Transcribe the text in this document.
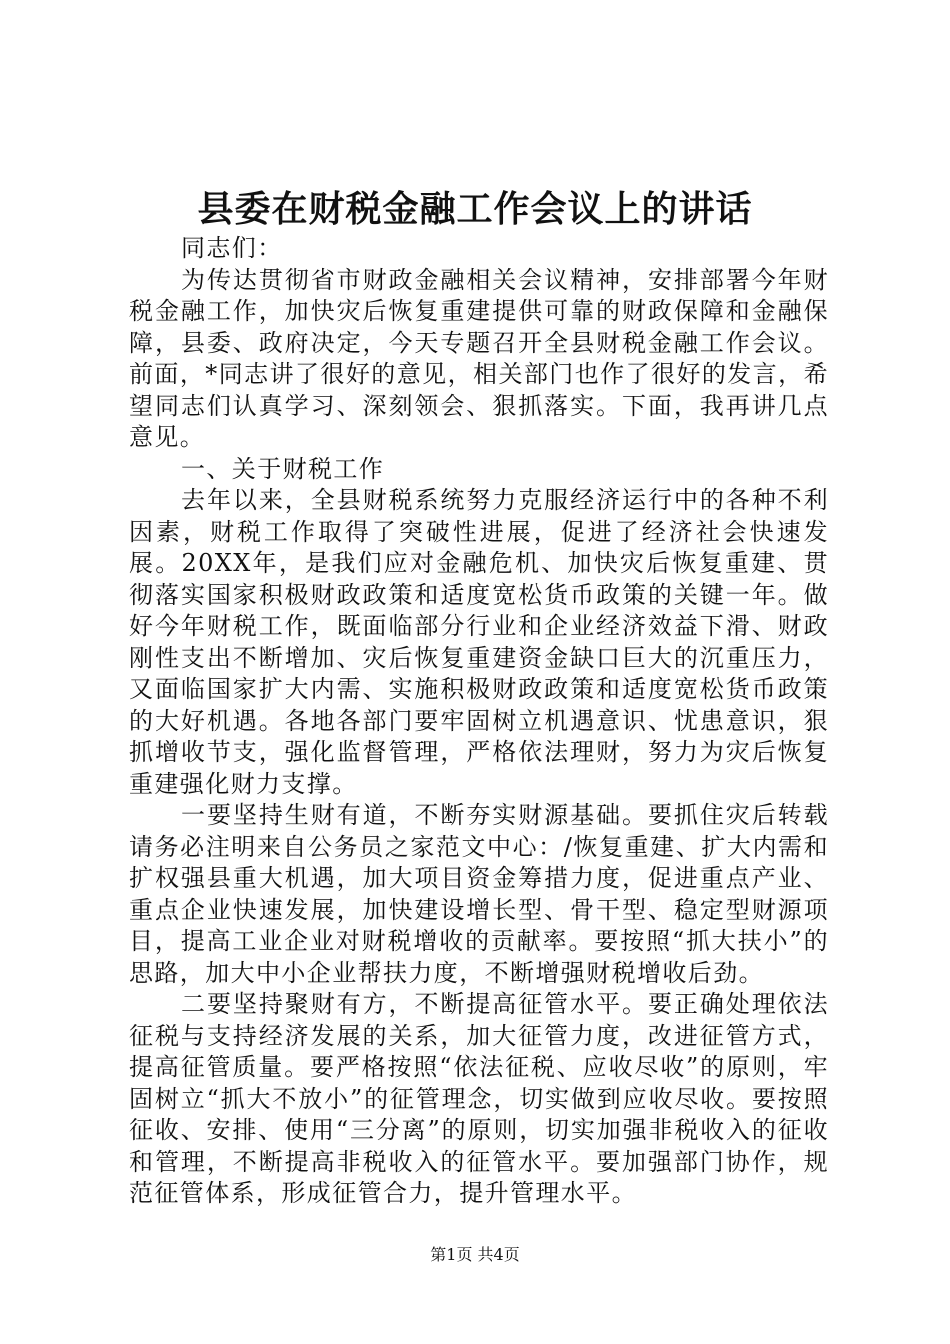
县委在财税金融工作会议上的讲话

同志们：

为传达贯彻省市财政金融相关会议精神，安排部署今年财税金融工作，加快灾后恢复重建提供可靠的财政保障和金融保障，县委、政府决定，今天专题召开全县财税金融工作会议。前面，*同志讲了很好的意见，相关部门也作了很好的发言，希望同志们认真学习、深刻领会、狠抓落实。下面，我再讲几点意见。

一、关于财税工作

去年以来，全县财税系统努力克服经济运行中的各种不利因素，财税工作取得了突破性进展，促进了经济社会快速发展。20XX年，是我们应对金融危机、加快灾后恢复重建、贯彻落实国家积极财政政策和适度宽松货币政策的关键一年。做好今年财税工作，既面临部分行业和企业经济效益下滑、财政刚性支出不断增加、灾后恢复重建资金缺口巨大的沉重压力，又面临国家扩大内需、实施积极财政政策和适度宽松货币政策的大好机遇。各地各部门要牢固树立机遇意识、忧患意识，狠抓增收节支，强化监督管理，严格依法理财，努力为灾后恢复重建强化财力支撑。

一要坚持生财有道，不断夯实财源基础。要抓住灾后转载请务必注明来自公务员之家范文中心：/恢复重建、扩大内需和扩权强县重大机遇，加大项目资金筹措力度，促进重点产业、重点企业快速发展，加快建设增长型、骨干型、稳定型财源项目，提高工业企业对财税增收的贡献率。要按照“抓大扶小”的思路，加大中小企业帮扶力度，不断增强财税增收后劲。

二要坚持聚财有方，不断提高征管水平。要正确处理依法征税与支持经济发展的关系，加大征管力度，改进征管方式，提高征管质量。要严格按照“依法征税、应收尽收”的原则，牢固树立“抓大不放小”的征管理念，切实做到应收尽收。要按照征收、安排、使用“三分离”的原则，切实加强非税收入的征收和管理，不断提高非税收入的征管水平。要加强部门协作，规范征管体系，形成征管合力，提升管理水平。

第1页 共4页
